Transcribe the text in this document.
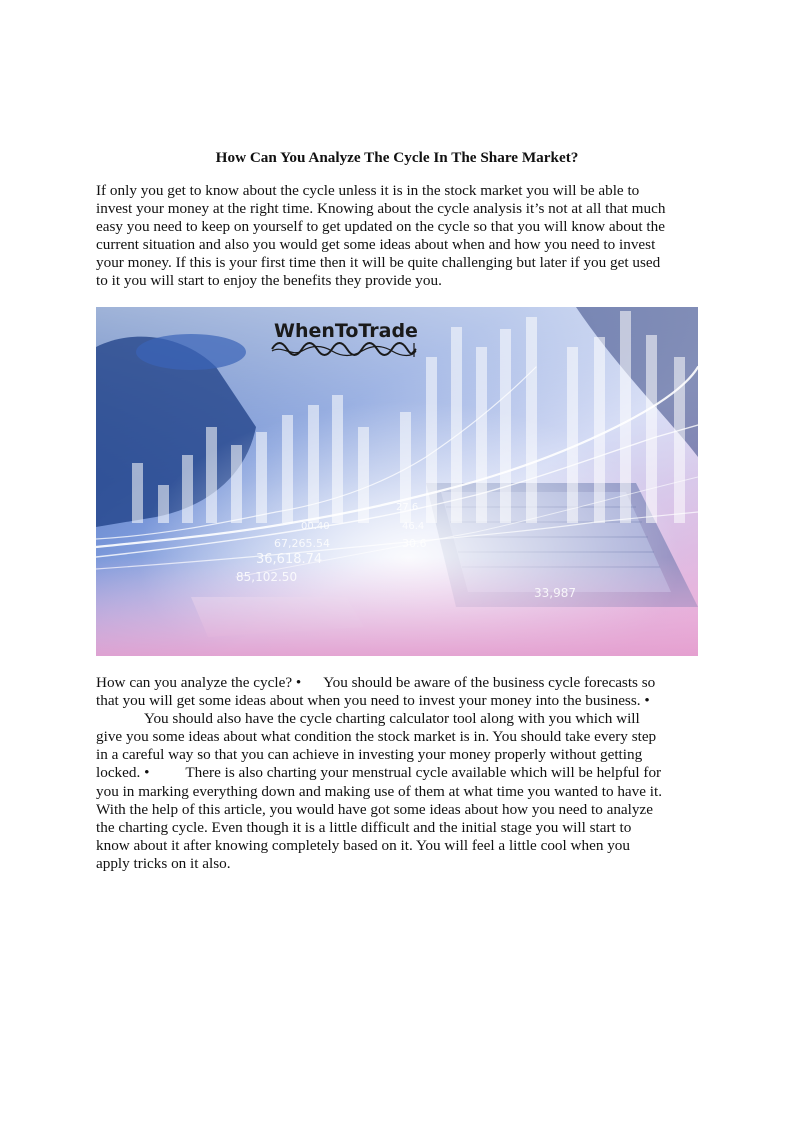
How Can You Analyze The Cycle In The Share Market?
If only you get to know about the cycle unless it is in the stock market you will be able to
invest your money at the right time. Knowing about the cycle analysis it’s not at all that much
easy you need to keep on yourself to get updated on the cycle so that you will know about the
current situation and also you would get some ideas about when and how you need to invest
your money. If this is your first time then it will be quite challenging but later if you get used
to it you will start to enjoy the benefits they provide you.
27.6
00.40	46.4
67,265.54	30.6
36,618.74
85,102.50
33,987
WhenToTrade
How can you analyze the cycle? • You should be aware of the business cycle forecasts so
that you will get some ideas about when you need to invest your money into the business. •
You should also have the cycle charting calculator tool along with you which will
give you some ideas about what condition the stock market is in. You should take every step
in a careful way so that you can achieve in investing your money properly without getting
locked. • There is also charting your menstrual cycle available which will be helpful for
you in marking everything down and making use of them at what time you wanted to have it.
With the help of this article, you would have got some ideas about how you need to analyze
the charting cycle. Even though it is a little difficult and the initial stage you will start to
know about it after knowing completely based on it. You will feel a little cool when you
apply tricks on it also.
